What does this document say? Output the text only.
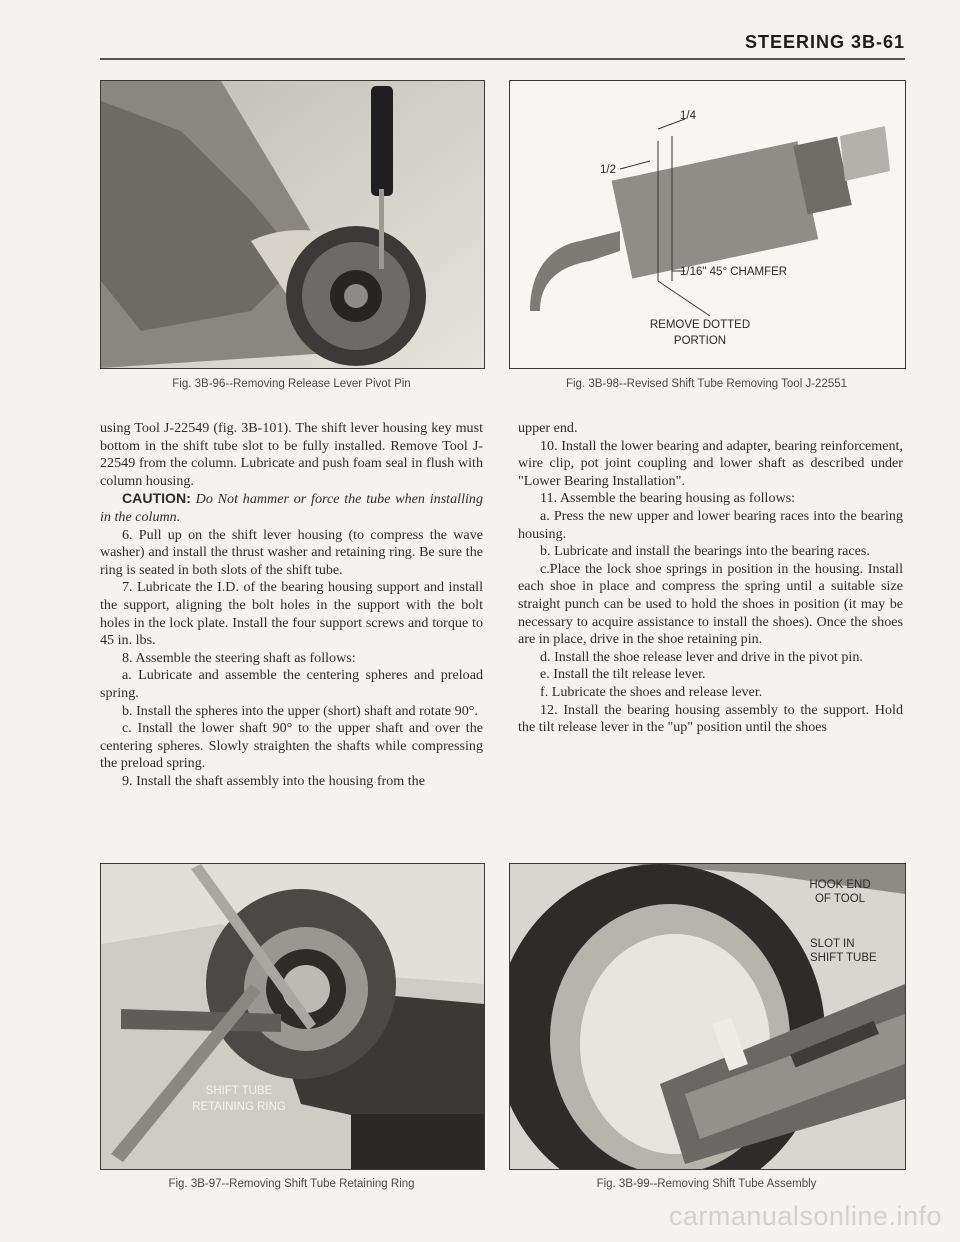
STEERING 3B-61
Fig. 3B-96--Removing Release Lever Pivot Pin
1/4
1/2
1/16" 45° CHAMFER
REMOVE DOTTED
PORTION
Fig. 3B-98--Revised Shift Tube Removing Tool J-22551

using Tool J-22549 (fig. 3B-101). The shift lever housing key must bottom in the shift tube slot to be fully installed. Remove Tool J-22549 from the column. Lubricate and push foam seal in flush with column housing.

CAUTION: Do Not hammer or force the tube when installing in the column.

6. Pull up on the shift lever housing (to compress the wave washer) and install the thrust washer and retaining ring. Be sure the ring is seated in both slots of the shift tube.

7. Lubricate the I.D. of the bearing housing support and install the support, aligning the bolt holes in the support with the bolt holes in the lock plate. Install the four support screws and torque to 45 in. lbs.

8. Assemble the steering shaft as follows:

a. Lubricate and assemble the centering spheres and preload spring.

b. Install the spheres into the upper (short) shaft and rotate 90°.

c. Install the lower shaft 90° to the upper shaft and over the centering spheres. Slowly straighten the shafts while compressing the preload spring.

9. Install the shaft assembly into the housing from the

upper end.

10. Install the lower bearing and adapter, bearing reinforcement, wire clip, pot joint coupling and lower shaft as described under "Lower Bearing Installation".

11. Assemble the bearing housing as follows:

a. Press the new upper and lower bearing races into the bearing housing.

b. Lubricate and install the bearings into the bearing races.

c.Place the lock shoe springs in position in the housing. Install each shoe in place and compress the spring until a suitable size straight punch can be used to hold the shoes in position (it may be necessary to acquire assistance to install the shoes). Once the shoes are in place, drive in the shoe retaining pin.

d. Install the shoe release lever and drive in the pivot pin.

e. Install the tilt release lever.

f. Lubricate the shoes and release lever.

12. Install the bearing housing assembly to the support. Hold the tilt release lever in the "up" position until the shoes

SHIFT TUBE
RETAINING RING
Fig. 3B-97--Removing Shift Tube Retaining Ring
HOOK END
OF TOOL
SLOT IN
SHIFT TUBE
Fig. 3B-99--Removing Shift Tube Assembly
carmanualsonline.info
